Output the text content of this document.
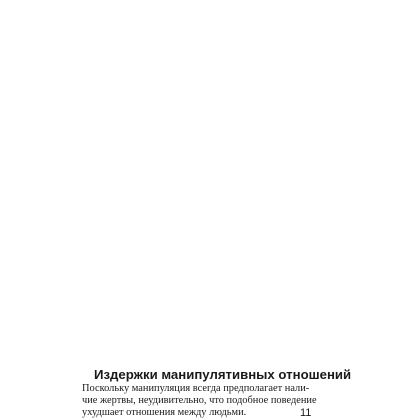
Издержки манипулятивных отношений
Поскольку манипуляция всегда предполагает нали-
чие жертвы, неудивительно, что подобное поведение
ухудшает отношения между людьми.	11
